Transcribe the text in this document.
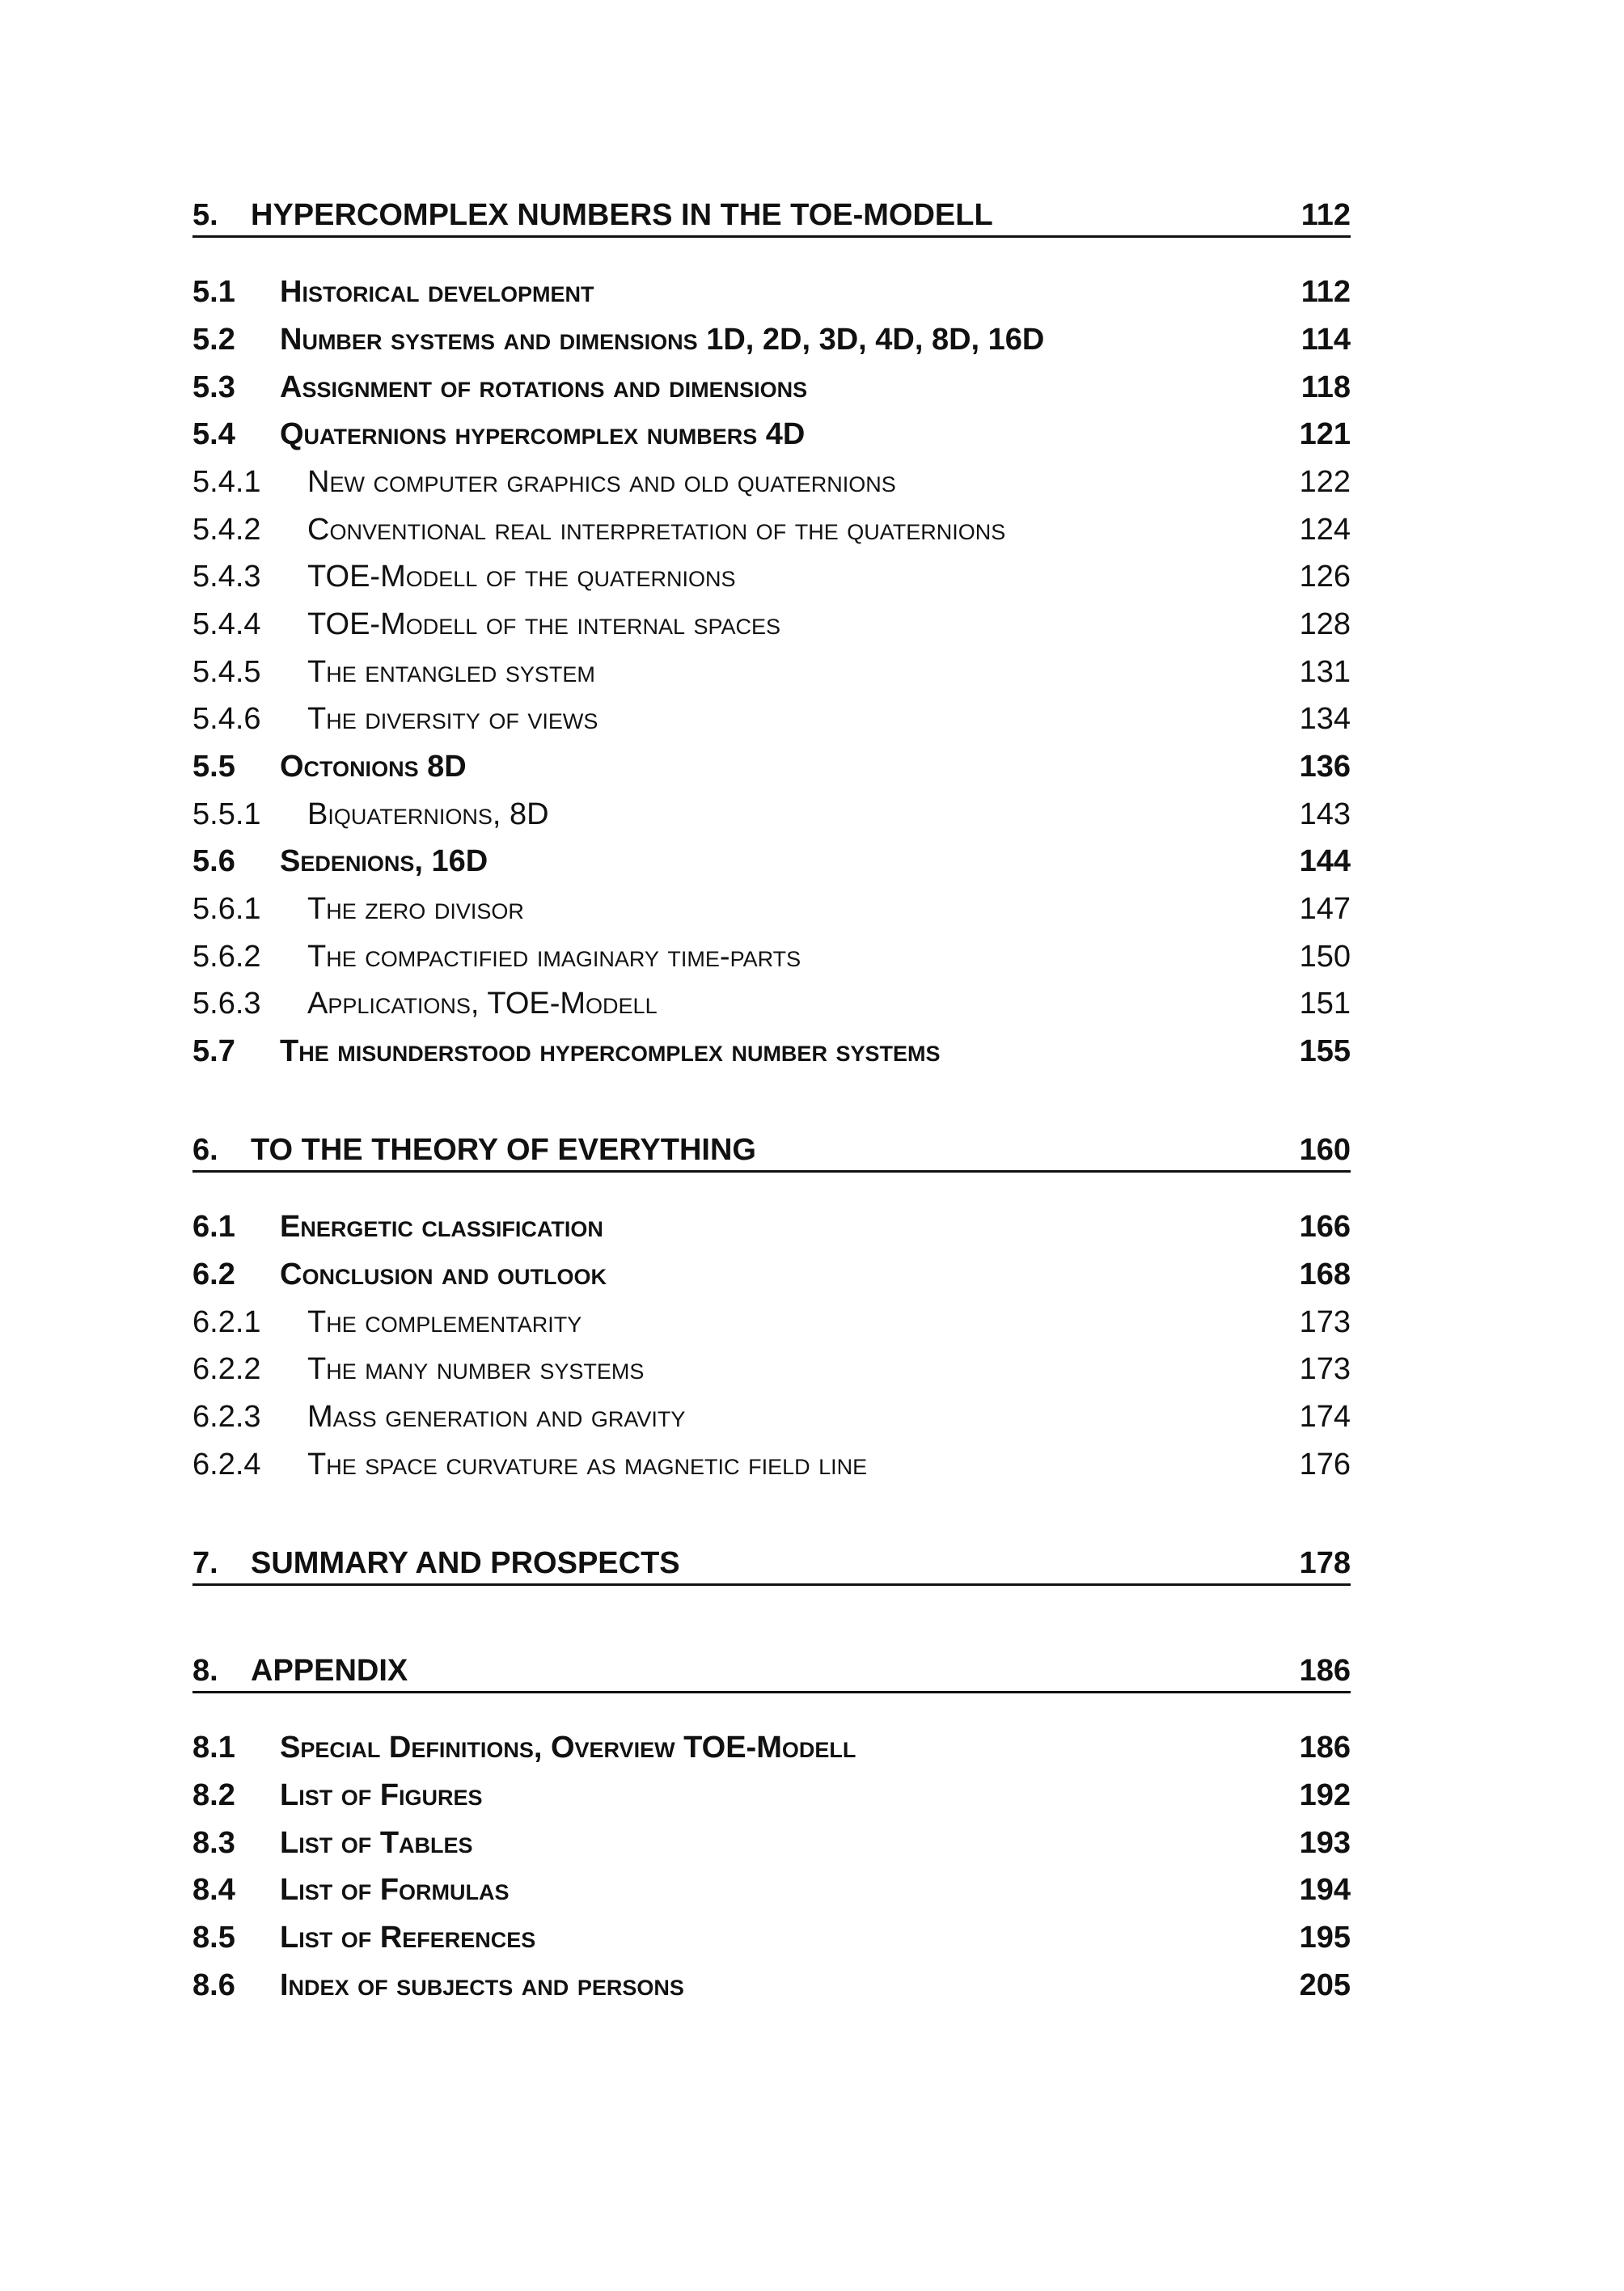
5.	HYPERCOMPLEX NUMBERS IN THE TOE-MODELL	112
5.1	Historical development	112
5.2	Number systems and dimensions 1D, 2D, 3D, 4D, 8D, 16D	114
5.3	Assignment of rotations and dimensions	118
5.4	Quaternions hypercomplex numbers 4D	121
5.4.1	New computer graphics and old quaternions	122
5.4.2	Conventional real interpretation of the quaternions	124
5.4.3	TOE-Modell of the quaternions	126
5.4.4	TOE-Modell of the internal spaces	128
5.4.5	The entangled system	131
5.4.6	The diversity of views	134
5.5	Octonions 8D	136
5.5.1	Biquaternions, 8D	143
5.6	Sedenions, 16D	144
5.6.1	The zero divisor	147
5.6.2	The compactified imaginary time-parts	150
5.6.3	Applications, TOE-Modell	151
5.7	The misunderstood hypercomplex number systems	155
6.	TO THE THEORY OF EVERYTHING	160
6.1	Energetic classification	166
6.2	Conclusion and outlook	168
6.2.1	The complementarity	173
6.2.2	The many number systems	173
6.2.3	Mass generation and gravity	174
6.2.4	The space curvature as magnetic field line	176
7.	SUMMARY AND PROSPECTS	178
8.	APPENDIX	186
8.1	Special Definitions, Overview TOE-Modell	186
8.2	List of Figures	192
8.3	List of Tables	193
8.4	List of Formulas	194
8.5	List of References	195
8.6	Index of subjects and persons	205
